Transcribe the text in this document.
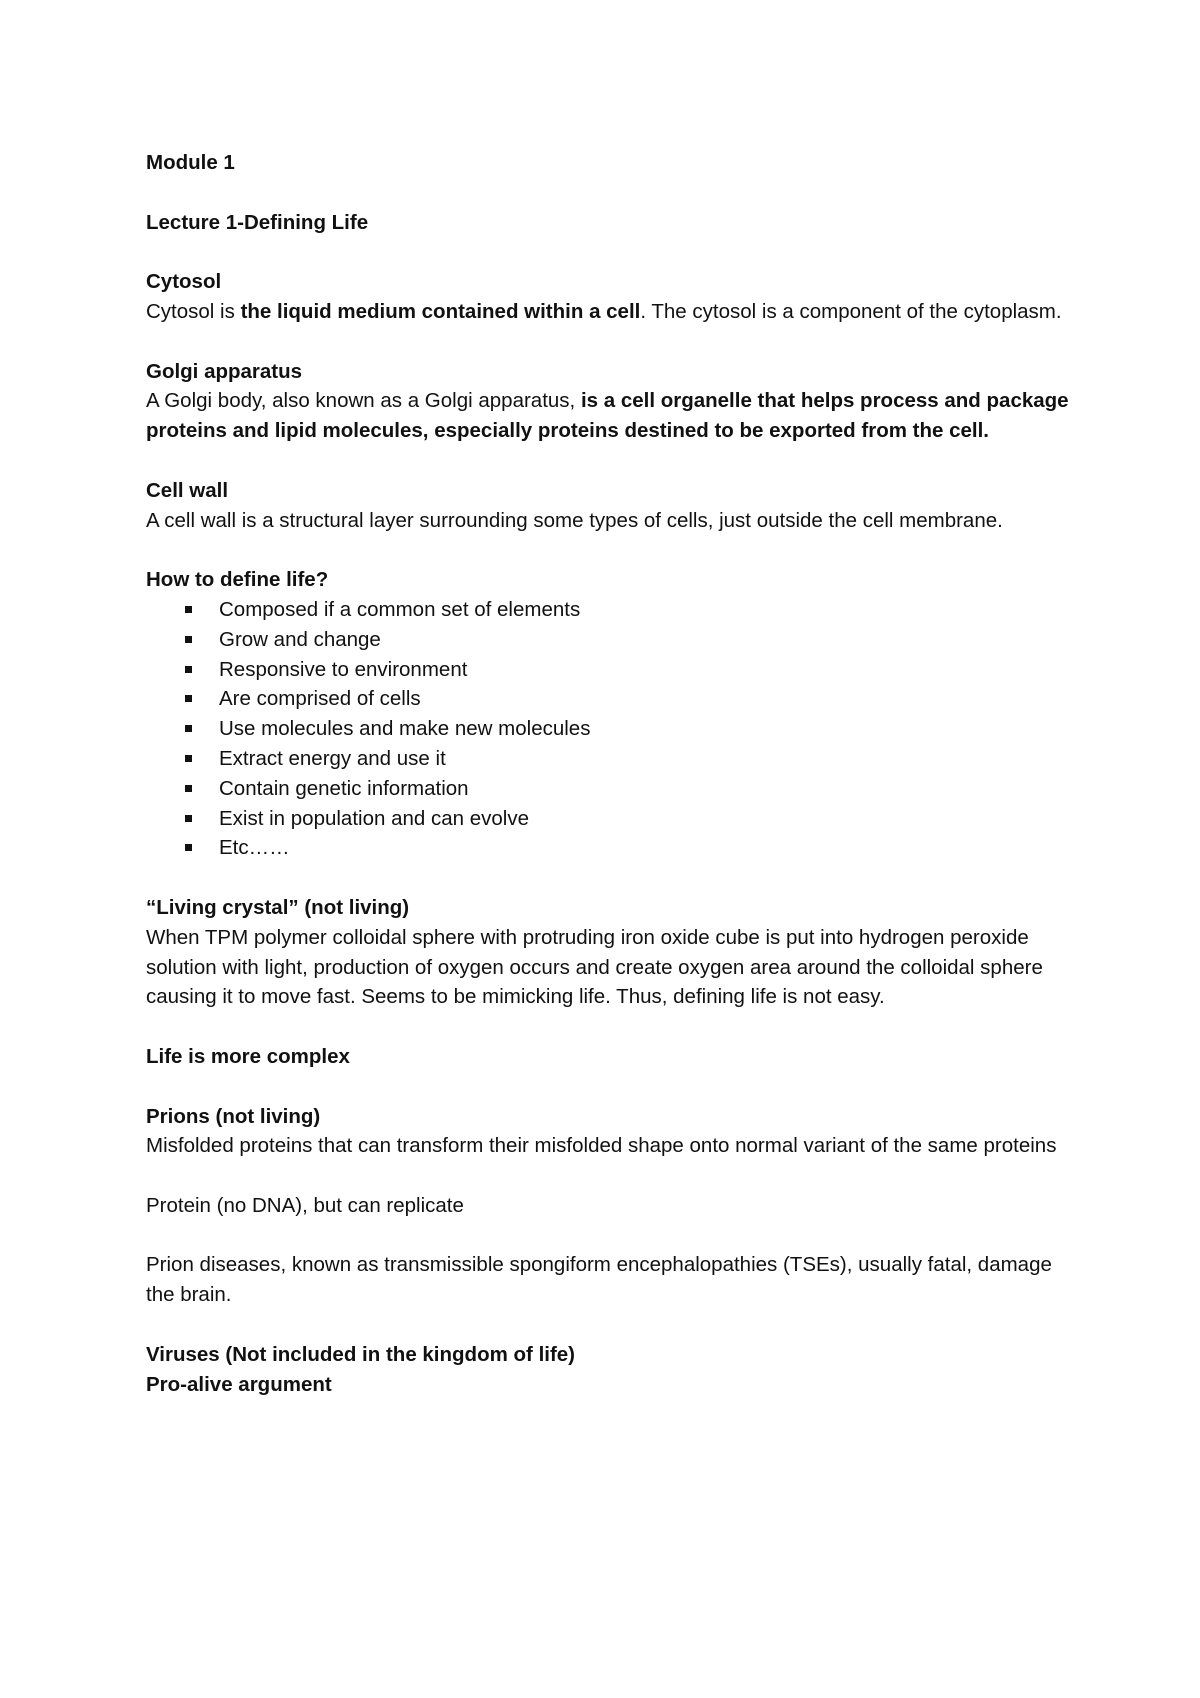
Module 1

Lecture 1-Defining Life

Cytosol

Cytosol is the liquid medium contained within a cell. The cytosol is a component of the cytoplasm.

Golgi apparatus

A Golgi body, also known as a Golgi apparatus, is a cell organelle that helps process and package proteins and lipid molecules, especially proteins destined to be exported from the cell.

Cell wall

A cell wall is a structural layer surrounding some types of cells, just outside the cell membrane.

How to define life?

Composed if a common set of elements
Grow and change
Responsive to environment
Are comprised of cells
Use molecules and make new molecules
Extract energy and use it
Contain genetic information
Exist in population and can evolve
Etc……

“Living crystal” (not living)

When TPM polymer colloidal sphere with protruding iron oxide cube is put into hydrogen peroxide solution with light, production of oxygen occurs and create oxygen area around the colloidal sphere causing it to move fast. Seems to be mimicking life. Thus, defining life is not easy.

Life is more complex

Prions (not living)

Misfolded proteins that can transform their misfolded shape onto normal variant of the same proteins

Protein (no DNA), but can replicate

Prion diseases, known as transmissible spongiform encephalopathies (TSEs), usually fatal, damage the brain.

Viruses (Not included in the kingdom of life)

Pro-alive argument
